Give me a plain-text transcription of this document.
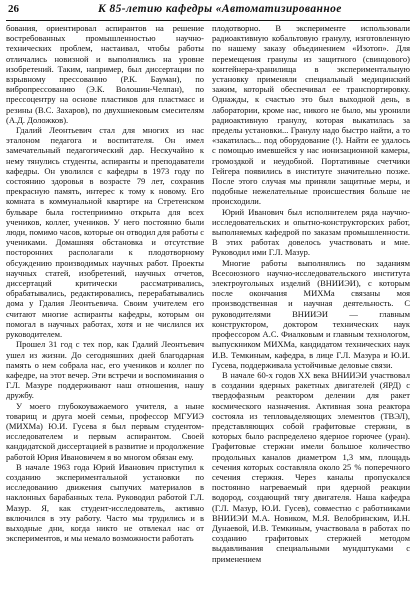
26	К 85-летию кафедры «Автоматизированное

бования, ориентировал аспирантов на решение востребованных промышленностью научно-технических проблем, настаивал, чтобы работы отличались новизной и выполнялись на уровне изобретений. Таким, например, был диссертации по взрывному прессованию (Р.К. Бауман), по вибропрессованию (Э.К. Волошин-Челпан), по прессоцентру на основе пластиков для пластмасс и резины (В.С. Захаров), по двухшнековым смесителям (А.Д. Доложков).

Гдалий Леонтьевич стал для многих из нас эталоном педагога и воспитателя. Он имел замечательный педагогический дар. Нескучайно к нему тянулись студенты, аспиранты и преподаватели кафедры. Он уволился с кафедры в 1973 году по состоянию здоровья в возрасте 79 лет, сохранив прекрасную память, интерес к тому к новому. Его комната в коммунальной квартире на Стретенском бульваре была гостеприимно открыта для всех учеников, коллег, учеников. У него постоянно были люди, помимо часов, которые он отводил для работы с учениками. Домашняя обстановка и отсутствие посторонних располагали к плодотворному обсуждению производимых научных работ. Проекты научных статей, изобретений, научных отчетов, диссертаций критически рассматривались, обрабатывались, редактировались, перерабатывались дома у Гдалия Леонтьевича. Своим учителем его считают многие аспиранты кафедры, которым он помогал в научных работах, хотя и не числился их руководителем.

Прошел 31 год с тех пор, как Гдалий Леонтьевич ушел из жизни. До сегодняшних дней благодарная память о нем собрала нас, его учеников и коллег по кафедре, на этот вечер. Эти встречи и воспоминания о Г.Л. Мазуре поддерживают наш отношения, нашу дружбу.

У моего глубокоуважаемого учителя, а ныне товарищ и друга моей семьи, профессор МГУИЭ (МИХМа) Ю.И. Гусева я был первым студентом-исследователем и первым аспирантом. Своей кандидатской диссертацией в развитие и продолжение работой Юрия Ивановичем я во многом обязан ему.

В начале 1963 года Юрий Иванович приступил к созданию экспериментальной установки по исследованию движения сыпучих материалов в наклонных барабанных тела. Руководил работой Г.Л. Мазур. Я, как студент-исследователь, активно включился в эту работу. Часто мы трудились и в выходные дни, когда никто не отвлекал нас от экспериментов, и мы немало возможности работать

плодотворно. В эксперименте использовали радиоактивную кобальтовую гранулу, изготовленную по нашему заказу объединением «Изотоп». Для перемещения гранулы из защитного (свинцового) контейнера-хранилища в экспериментальную установку применяли специальный медицинский зажим, который обеспечивал ее транспортировку. Однажды, к счастью это был выходной день, в лаборатории, кроме нас, никого не было, мы уронили радиоактивную гранулу, которая выкатилась за пределы установки... Гранулу надо быстро найти, а то «закатилась... под оборудование (!). Найти ее удалось с помощью имевшейся у нас ионизационной камеры, громоздкой и неудобной. Портативные счетчики Гейгера появились в институте значительно позже. После этого случая мы приняли защитные меры, и подобные нежелательные происшествия больше не происходили.

Юрий Иванович был исполнителем ряда научно-исследовательских и опытно-конструкторских работ, выполняемых кафедрой по заказам промышленности. В этих работах довелось участвовать и мне. Руководил ими Г.Л. Мазур.

Многие работы выполнялись по заданиям Всесоюзного научно-исследовательского института электроугольных изделий (ВНИИЭИ), с которым после окончания МИХМа связаны моя производственная и научная деятельность. С руководителями ВНИИЭИ — главным конструктором, доктором технических наук профессором А.С. Фиалковым и главным технологом, выпускником МИХМа, кандидатом технических наук И.В. Темкиным, кафедра, в лице Г.Л. Мазура и Ю.И. Гусева, поддерживала устойчивые деловые связи.

В начале 60-х годов XX века ВНИИЭИ участвовал в создании ядерных ракетных двигателей (ЯРД) с твердофазным реактором делении для ракет космического назначения. Активная зона реактора состояла из тепловыделяющих элементов (ТВЭЛ), представляющих собой графитовые стержни, в которых было распределено ядерное горючее (уран). Графитовые стержни имели большое количество продольных каналов диаметром 1,3 мм, площадь сечения которых составляла около 25 % поперечного сечения стержня. Через каналы пропускался постоянно нагреваемый при ядерной реакции водород, создающий тягу двигателя. Наша кафедра (Г.Л. Мазур, Ю.И. Гусев), совместно с работниками ВНИИЭИ М.А. Новиком, М.Я. Велобринским, И.Н. Дунаевой, И.В. Темкиным, участвовала в работах по созданию графитовых стержней методом выдавливания специальными мундштуками с применением
